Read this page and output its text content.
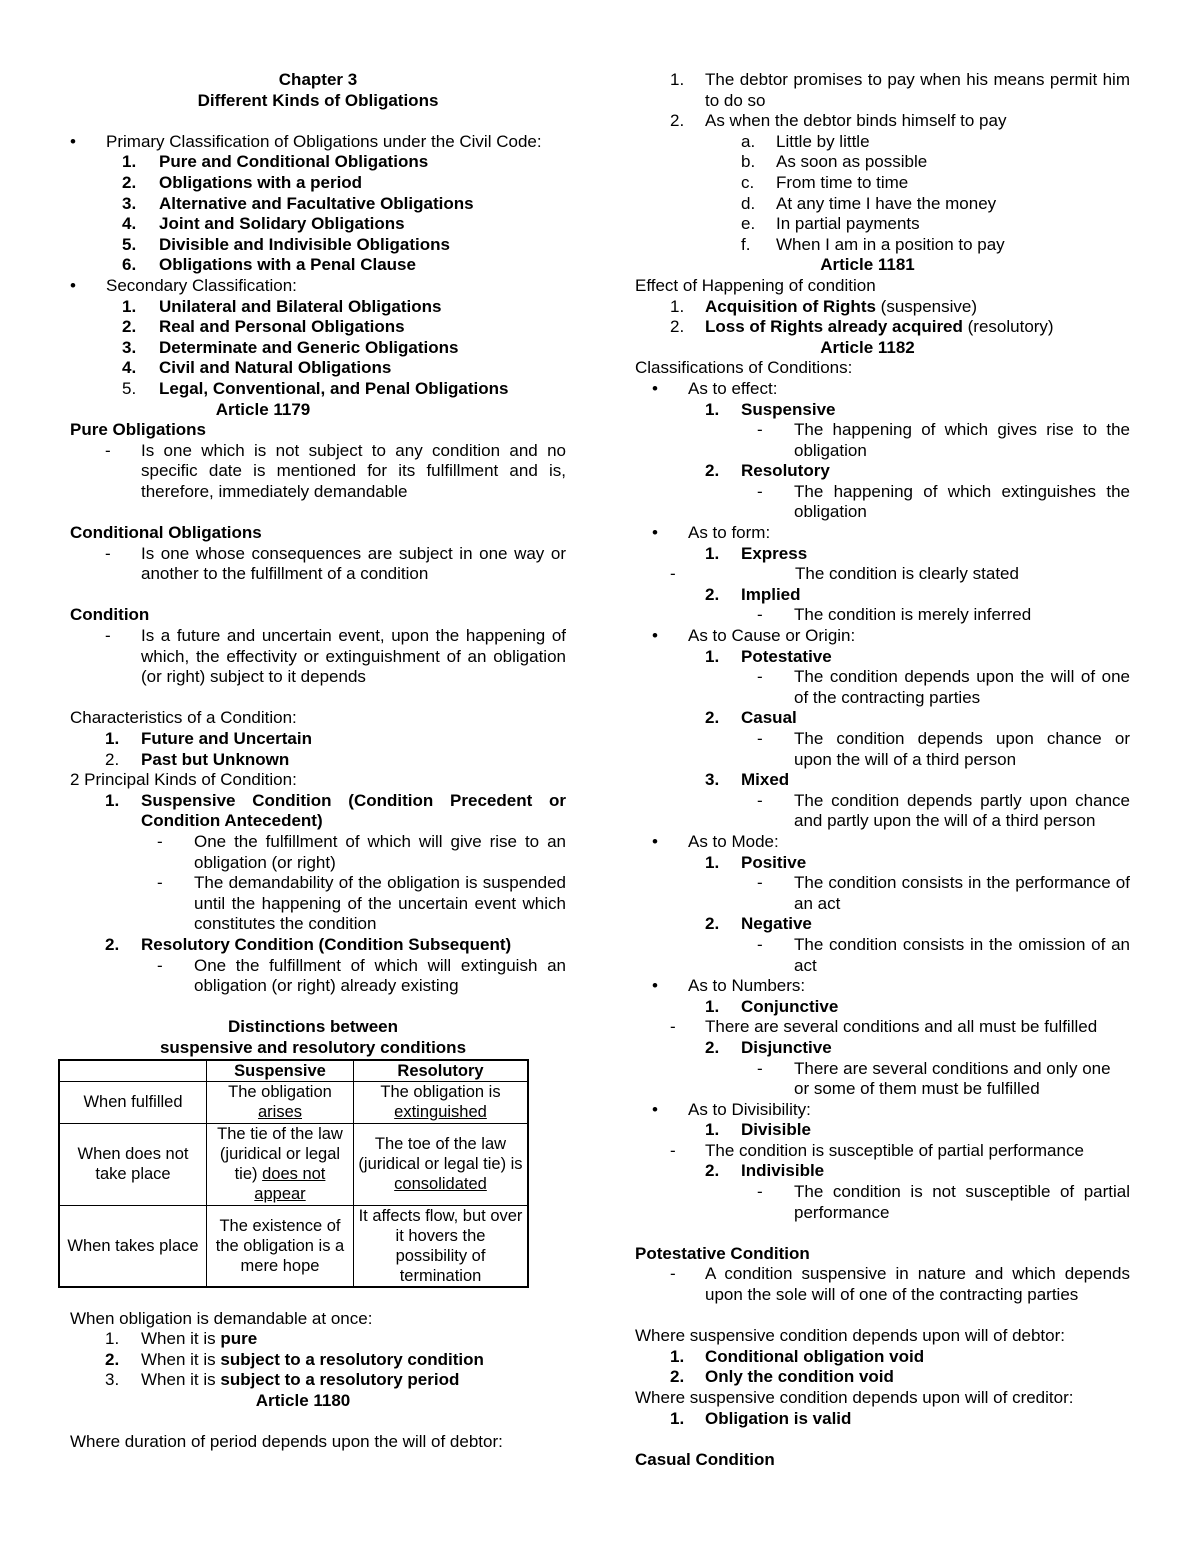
Chapter 3

Different Kinds of Obligations

•
Primary Classification of Obligations under the Civil Code:
1.	Pure and Conditional Obligations
2.	Obligations with a period
3.	Alternative and Facultative Obligations
4.	Joint and Solidary Obligations
5.	Divisible and Indivisible Obligations
6.	Obligations with a Penal Clause
•
Secondary Classification:
1.	Unilateral and Bilateral Obligations
2.	Real and Personal Obligations
3.	Determinate and Generic Obligations
4.	Civil and Natural Obligations
5.	Legal, Conventional, and Penal Obligations

Article 1179

Pure Obligations

-	Is one which is not subject to any condition and no specific date is mentioned for its fulfillment and is, therefore, immediately demandable

Conditional Obligations

-	Is one whose consequences are subject in one way or another to the fulfillment of a condition

Condition

-	Is a future and uncertain event, upon the happening of which, the effectivity or extinguishment of an obligation (or right) subject to it depends

Characteristics of a Condition:

1.	Future and Uncertain
2.	Past but Unknown

2 Principal Kinds of Condition:

1.	Suspensive Condition (Condition Precedent or Condition Antecedent)
-	One the fulfillment of which will give rise to an obligation (or right)
-	The demandability of the obligation is suspended until the happening of the uncertain event which constitutes the condition
2.	Resolutory Condition (Condition Subsequent)
-	One the fulfillment of which will extinguish an obligation (or right) already existing

Distinctions between

suspensive and resolutory conditions

	Suspensive	Resolutory
When fulfilled	The obligation arises	The obligation is extinguished
When does not take place	The tie of the law (juridical or legal tie) does not appear	The toe of the law (juridical or legal tie) is consolidated
When takes place	The existence of the obligation is a mere hope	It affects flow, but over it hovers the possibility of termination

When obligation is demandable at once:

1.	When it is pure
2.	When it is subject to a resolutory condition
3.	When it is subject to a resolutory period

Article 1180

Where duration of period depends upon the will of debtor:

1.	The debtor promises to pay when his means permit him to do so
2.	As when the debtor binds himself to pay
a.	Little by little
b.	As soon as possible
c.	From time to time
d.	At any time I have the money
e.	In partial payments
f.	When I am in a position to pay

Article 1181

Effect of Happening of condition

1.	Acquisition of Rights (suspensive)
2.	Loss of Rights already acquired (resolutory)

Article 1182

Classifications of Conditions:

•
As to effect:
1.	Suspensive
-	The happening of which gives rise to the obligation
2.	Resolutory
-	The happening of which extinguishes the obligation
•
As to form:
1.	Express
-	The condition is clearly stated
2.	Implied
-	The condition is merely inferred
•
As to Cause or Origin:
1.	Potestative
-	The condition depends upon the will of one of the contracting parties
2.	Casual
-	The condition depends upon chance or upon the will of a third person
3.	Mixed
-	The condition depends partly upon chance and partly upon the will of a third person
•
As to Mode:
1.	Positive
-	The condition consists in the performance of an act
2.	Negative
-	The condition consists in the omission of an act
•
As to Numbers:
1.	Conjunctive
-	There are several conditions and all must be fulfilled
2.	Disjunctive
-	There are several conditions and only one or some of them must be fulfilled
•
As to Divisibility:
1.	Divisible
-	The condition is susceptible of partial performance
2.	Indivisible
-	The condition is not susceptible of partial performance

Potestative Condition

-	A condition suspensive in nature and which depends upon the sole will of one of the contracting parties

Where suspensive condition depends upon will of debtor:

1.	Conditional obligation void
2.	Only the condition void

Where suspensive condition depends upon will of creditor:

1.	Obligation is valid

Casual Condition
